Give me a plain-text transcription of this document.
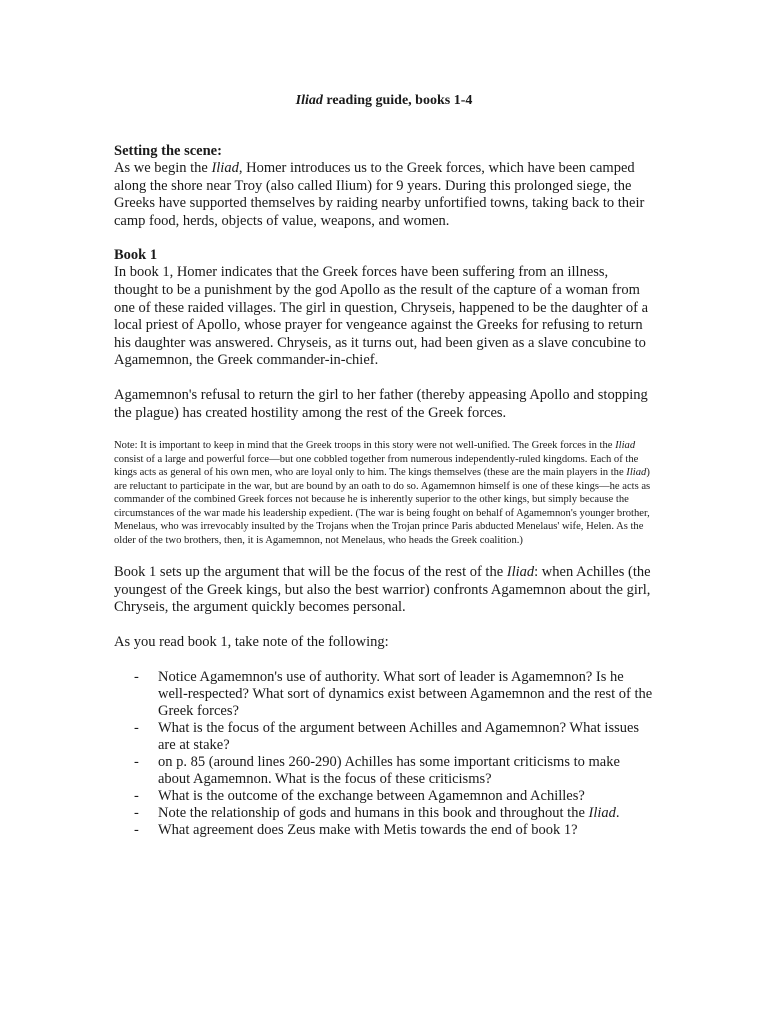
Iliad reading guide, books 1-4

Setting the scene:

As we begin the Iliad, Homer introduces us to the Greek forces, which have been camped along the shore near Troy (also called Ilium) for 9 years. During this prolonged siege, the Greeks have supported themselves by raiding nearby unfortified towns, taking back to their camp food, herds, objects of value, weapons, and women.

Book 1

In book 1, Homer indicates that the Greek forces have been suffering from an illness, thought to be a punishment by the god Apollo as the result of the capture of a woman from one of these raided villages. The girl in question, Chryseis, happened to be the daughter of a local priest of Apollo, whose prayer for vengeance against the Greeks for refusing to return his daughter was answered. Chryseis, as it turns out, had been given as a slave concubine to Agamemnon, the Greek commander-in-chief.

Agamemnon's refusal to return the girl to her father (thereby appeasing Apollo and stopping the plague) has created hostility among the rest of the Greek forces.

Note: It is important to keep in mind that the Greek troops in this story were not well-unified. The Greek forces in the Iliad consist of a large and powerful force—but one cobbled together from numerous independently-ruled kingdoms. Each of the kings acts as general of his own men, who are loyal only to him. The kings themselves (these are the main players in the Iliad) are reluctant to participate in the war, but are bound by an oath to do so. Agamemnon himself is one of these kings—he acts as commander of the combined Greek forces not because he is inherently superior to the other kings, but simply because the circumstances of the war made his leadership expedient. (The war is being fought on behalf of Agamemnon's younger brother, Menelaus, who was irrevocably insulted by the Trojans when the Trojan prince Paris abducted Menelaus' wife, Helen. As the older of the two brothers, then, it is Agamemnon, not Menelaus, who heads the Greek coalition.)

Book 1 sets up the argument that will be the focus of the rest of the Iliad: when Achilles (the youngest of the Greek kings, but also the best warrior) confronts Agamemnon about the girl, Chryseis, the argument quickly becomes personal.

As you read book 1, take note of the following:

- Notice Agamemnon's use of authority. What sort of leader is Agamemnon? Is he well-respected? What sort of dynamics exist between Agamemnon and the rest of the Greek forces?
- What is the focus of the argument between Achilles and Agamemnon? What issues are at stake?
- on p. 85 (around lines 260-290) Achilles has some important criticisms to make about Agamemnon. What is the focus of these criticisms?
- What is the outcome of the exchange between Agamemnon and Achilles?
- Note the relationship of gods and humans in this book and throughout the Iliad.
- What agreement does Zeus make with Metis towards the end of book 1?
